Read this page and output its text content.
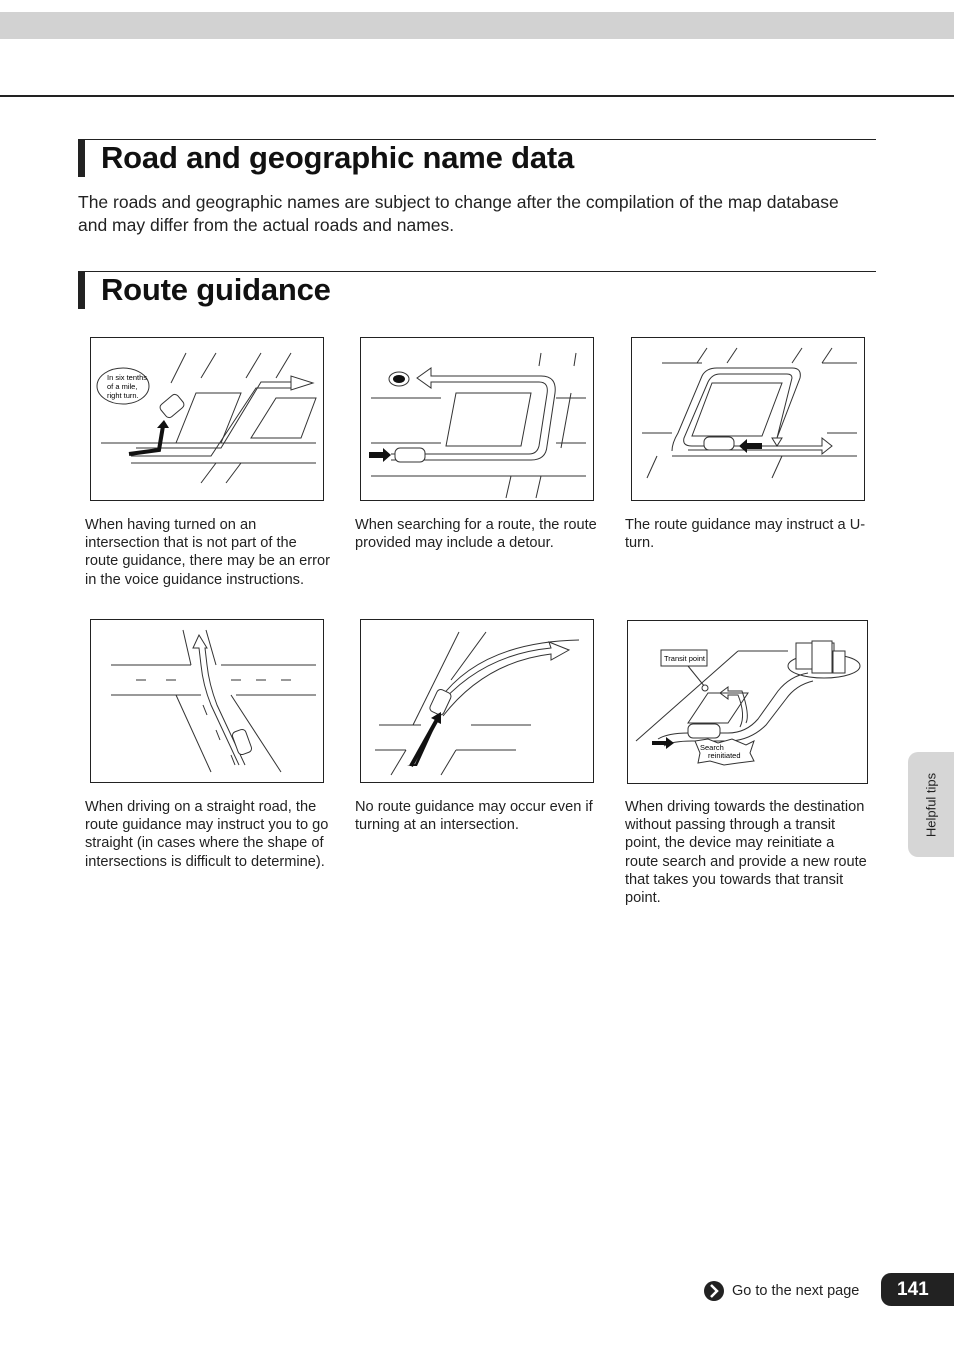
Road and geographic name data

The roads and geographic names are subject to change after the compilation of the map database and may differ from the actual roads and names.

Route guidance
In six tenths
of a mile,
right turn.

When having turned on an intersection that is not part of the route guidance, there may be an error in the voice guidance instructions.

When searching for a route, the route provided may include a detour.

The route guidance may instruct a U-turn.

When driving on a straight road, the route guidance may instruct you to go straight (in cases where the shape of intersections is difficult to determine).

No route guidance may occur even if turning at an intersection.

Transit point
Search
reinitiated

When driving towards the destination without passing through a transit point, the device may reinitiate a route search and provide a new route that takes you towards that transit point.

Helpful tips
Go to the next page	141
